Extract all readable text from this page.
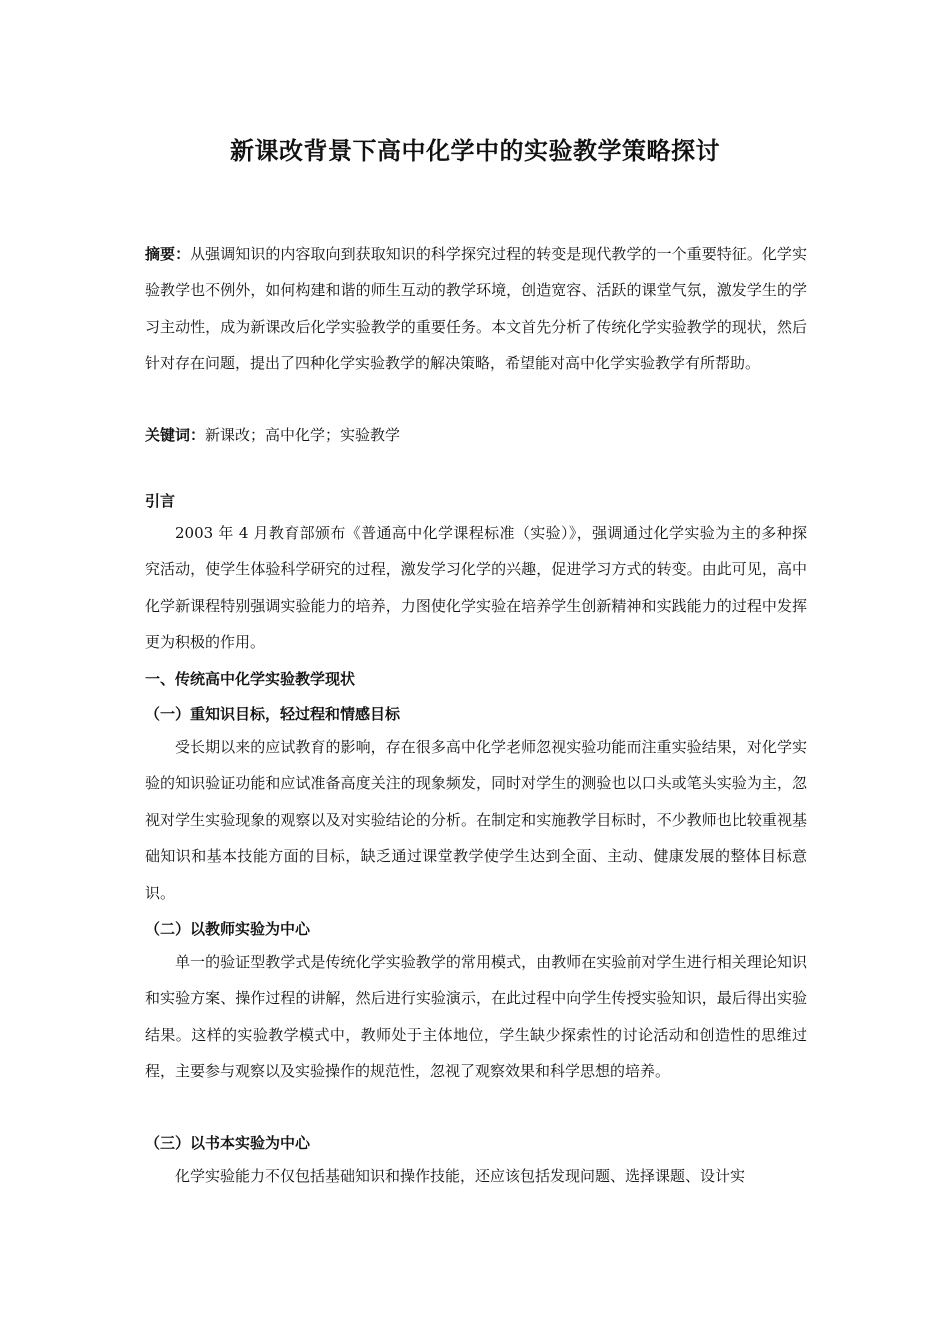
新课改背景下高中化学中的实验教学策略探讨

摘要：从强调知识的内容取向到获取知识的科学探究过程的转变是现代教学的一个重要特征。化学实验教学也不例外，如何构建和谐的师生互动的教学环境，创造宽容、活跃的课堂气氛，激发学生的学习主动性，成为新课改后化学实验教学的重要任务。本文首先分析了传统化学实验教学的现状，然后针对存在问题，提出了四种化学实验教学的解决策略，希望能对高中化学实验教学有所帮助。

关键词：新课改；高中化学；实验教学
引言

2003 年 4 月教育部颁布《普通高中化学课程标准（实验）》，强调通过化学实验为主的多种探究活动，使学生体验科学研究的过程，激发学习化学的兴趣，促进学习方式的转变。由此可见，高中化学新课程特别强调实验能力的培养，力图使化学实验在培养学生创新精神和实践能力的过程中发挥更为积极的作用。

一、传统高中化学实验教学现状
（一）重知识目标，轻过程和情感目标

受长期以来的应试教育的影响，存在很多高中化学老师忽视实验功能而注重实验结果，对化学实验的知识验证功能和应试准备高度关注的现象频发，同时对学生的测验也以口头或笔头实验为主，忽视对学生实验现象的观察以及对实验结论的分析。在制定和实施教学目标时，不少教师也比较重视基础知识和基本技能方面的目标，缺乏通过课堂教学使学生达到全面、主动、健康发展的整体目标意识。

（二）以教师实验为中心

单一的验证型教学式是传统化学实验教学的常用模式，由教师在实验前对学生进行相关理论知识和实验方案、操作过程的讲解，然后进行实验演示，在此过程中向学生传授实验知识，最后得出实验结果。这样的实验教学模式中，教师处于主体地位，学生缺少探索性的讨论活动和创造性的思维过程，主要参与观察以及实验操作的规范性，忽视了观察效果和科学思想的培养。

（三）以书本实验为中心

化学实验能力不仅包括基础知识和操作技能，还应该包括发现问题、选择课题、设计实
